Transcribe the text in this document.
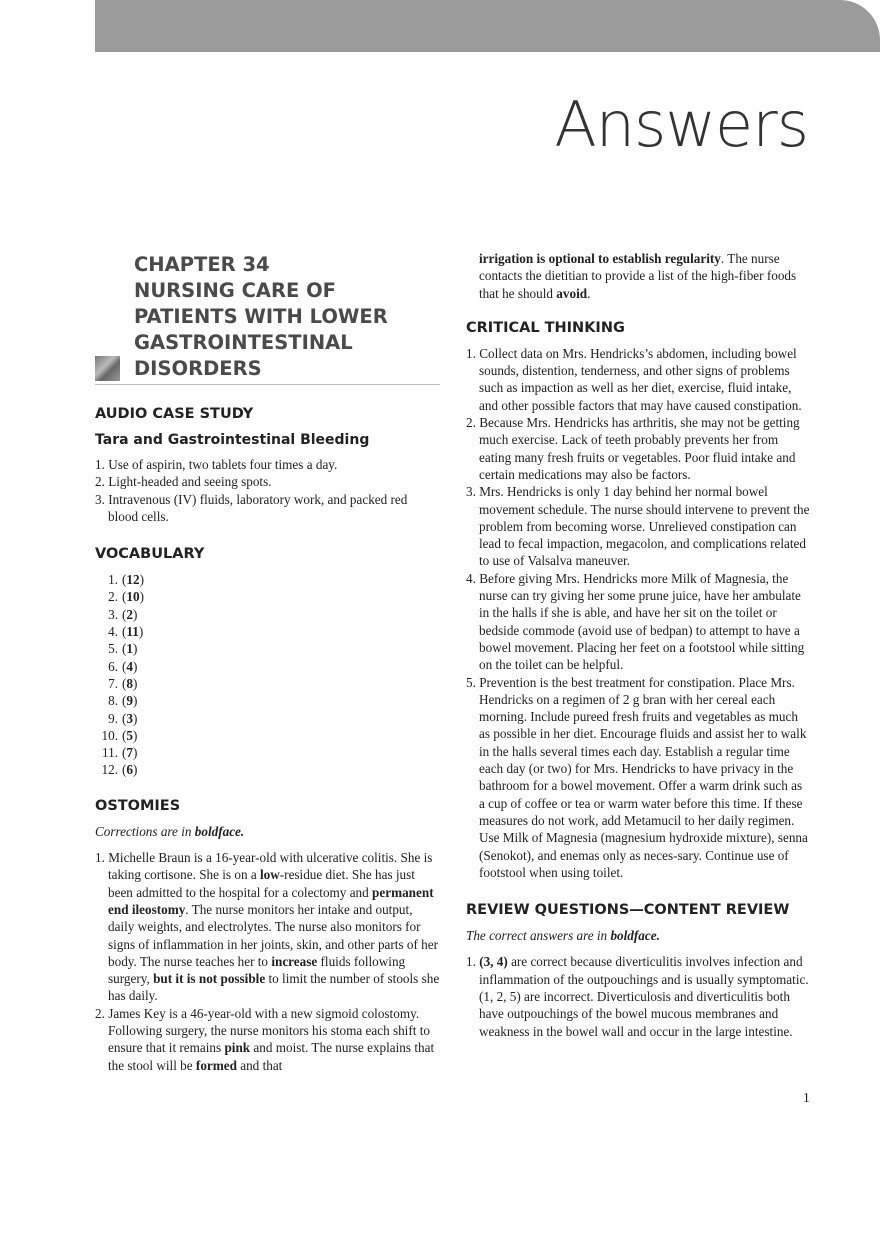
Answers
CHAPTER 34
NURSING CARE OF
PATIENTS WITH LOWER
GASTROINTESTINAL
DISORDERS
AUDIO CASE STUDY
Tara and Gastrointestinal Bleeding
1. Use of aspirin, two tablets four times a day.
2. Light-headed and seeing spots.
3. Intravenous (IV) fluids, laboratory work, and packed red blood cells.
VOCABULARY
1. (12)
2. (10)
3. (2)
4. (11)
5. (1)
6. (4)
7. (8)
8. (9)
9. (3)
10. (5)
11. (7)
12. (6)
OSTOMIES

Corrections are in boldface.

1. Michelle Braun is a 16-year-old with ulcerative colitis. She is taking cortisone. She is on a low-residue diet. She has just been admitted to the hospital for a colectomy and permanent end ileostomy. The nurse monitors her intake and output, daily weights, and electrolytes. The nurse also monitors for signs of inflammation in her joints, skin, and other parts of her body. The nurse teaches her to increase fluids following surgery, but it is not possible to limit the number of stools she has daily.
2. James Key is a 46-year-old with a new sigmoid colostomy. Following surgery, the nurse monitors his stoma each shift to ensure that it remains pink and moist. The nurse explains that the stool will be formed and that

irrigation is optional to establish regularity. The nurse contacts the dietitian to provide a list of the high-fiber foods that he should avoid.

CRITICAL THINKING
1. Collect data on Mrs. Hendricks’s abdomen, including bowel sounds, distention, tenderness, and other signs of problems such as impaction as well as her diet, exercise, fluid intake, and other possible factors that may have caused constipation.
2. Because Mrs. Hendricks has arthritis, she may not be getting much exercise. Lack of teeth probably prevents her from eating many fresh fruits or vegetables. Poor fluid intake and certain medications may also be factors.
3. Mrs. Hendricks is only 1 day behind her normal bowel movement schedule. The nurse should intervene to prevent the problem from becoming worse. Unrelieved constipation can lead to fecal impaction, megacolon, and complications related to use of Valsalva maneuver.
4. Before giving Mrs. Hendricks more Milk of Magnesia, the nurse can try giving her some prune juice, have her ambulate in the halls if she is able, and have her sit on the toilet or bedside commode (avoid use of bedpan) to attempt to have a bowel movement. Placing her feet on a footstool while sitting on the toilet can be helpful.
5. Prevention is the best treatment for constipation. Place Mrs. Hendricks on a regimen of 2 g bran with her cereal each morning. Include pureed fresh fruits and vegetables as much as possible in her diet. Encourage fluids and assist her to walk in the halls several times each day. Establish a regular time each day (or two) for Mrs. Hendricks to have privacy in the bathroom for a bowel movement. Offer a warm drink such as a cup of coffee or tea or warm water before this time. If these measures do not work, add Metamucil to her daily regimen. Use Milk of Magnesia (magnesium hydroxide mixture), senna (Senokot), and enemas only as neces-sary. Continue use of footstool when using toilet.
REVIEW QUESTIONS—CONTENT REVIEW

The correct answers are in boldface.

1. (3, 4) are correct because diverticulitis involves infection and inflammation of the outpouchings and is usually symptomatic. (1, 2, 5) are incorrect. Diverticulosis and diverticulitis both have outpouchings of the bowel mucous membranes and weakness in the bowel wall and occur in the large intestine.
1
